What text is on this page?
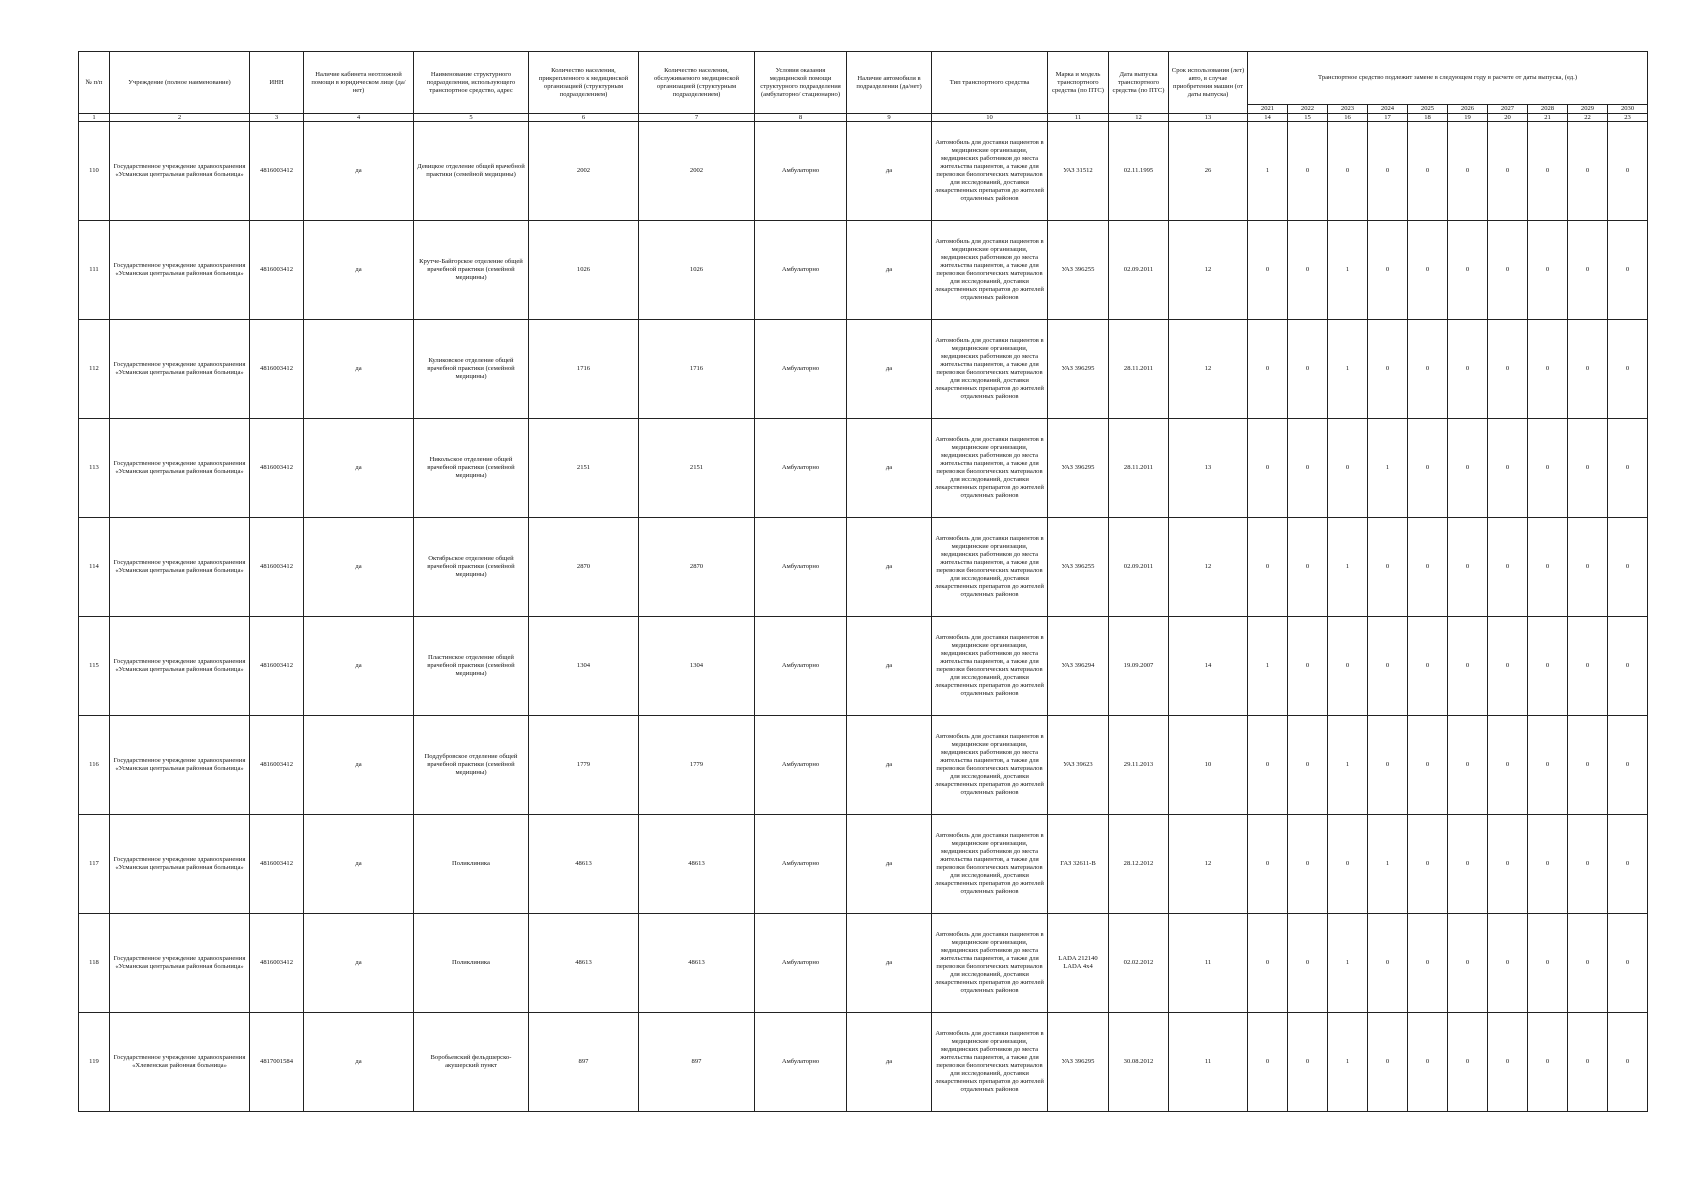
№ п/п	Учреждение (полное наименование)	ИНН	Наличие кабинета неотложной помощи в юридическом лице (да/нет)	Наименование структурного подразделения, использующего транспортное средство, адрес	Количество населения, прикрепленного к медицинской организацией (структурным подразделением)	Количество населения, обслуживаемого медицинской организацией (структурным подразделением)	Условия оказания медицинской помощи структурного подразделения (амбулаторно/ стационарно)	Наличие автомобиля в подразделении (да/нет)	Тип транспортного средства	Марка и модель транспортного средства (по ПТС)	Дата выпуска транспортного средства (по ПТС)	Срок использования (лет) авто, в случае приобретения машин (от даты выпуска)	Транспортное средство подлежит замене в следующем году в расчете от даты выпуска, (ед.)									
													2021	2022	2023	2024	2025	2026	2027	2028	2029	2030
1	2	3	4	5	6	7	8	9	10	11	12	13	14	15	16	17	18	19	20	21	22	23
110	Государственное учреждение здравоохранения «Усманская центральная районная больница»	4816003412	да	Девицкое отделение общей врачебной практики (семейной медицины)	2002	2002	Амбулаторно	да	Автомобиль для доставки пациентов в медицинские организации, медицинских работников до места жительства пациентов, а также для перевозки биологических материалов для исследований, доставки лекарственных препаратов до жителей отдаленных районов	УАЗ 31512	02.11.1995	26	1	0	0	0	0	0	0	0	0	0
111	Государственное учреждение здравоохранения «Усманская центральная районная больница»	4816003412	да	Крутче-Байгорское отделение общей врачебной практики (семейной медицины)	1026	1026	Амбулаторно	да	Автомобиль для доставки пациентов в медицинские организации, медицинских работников до места жительства пациентов, а также для перевозки биологических материалов для исследований, доставки лекарственных препаратов до жителей отдаленных районов	УАЗ 396255	02.09.2011	12	0	0	1	0	0	0	0	0	0	0
112	Государственное учреждение здравоохранения «Усманская центральная районная больница»	4816003412	да	Куликовское отделение общей врачебной практики (семейной медицины)	1716	1716	Амбулаторно	да	Автомобиль для доставки пациентов в медицинские организации, медицинских работников до места жительства пациентов, а также для перевозки биологических материалов для исследований, доставки лекарственных препаратов до жителей отдаленных районов	УАЗ 396295	28.11.2011	12	0	0	1	0	0	0	0	0	0	0
113	Государственное учреждение здравоохранения «Усманская центральная районная больница»	4816003412	да	Никольское отделение общей врачебной практики (семейной медицины)	2151	2151	Амбулаторно	да	Автомобиль для доставки пациентов в медицинские организации, медицинских работников до места жительства пациентов, а также для перевозки биологических материалов для исследований, доставки лекарственных препаратов до жителей отдаленных районов	УАЗ 396295	28.11.2011	13	0	0	0	1	0	0	0	0	0	0
114	Государственное учреждение здравоохранения «Усманская центральная районная больница»	4816003412	да	Октябрьское отделение общей врачебной практики (семейной медицины)	2870	2870	Амбулаторно	да	Автомобиль для доставки пациентов в медицинские организации, медицинских работников до места жительства пациентов, а также для перевозки биологических материалов для исследований, доставки лекарственных препаратов до жителей отдаленных районов	УАЗ 396255	02.09.2011	12	0	0	1	0	0	0	0	0	0	0
115	Государственное учреждение здравоохранения «Усманская центральная районная больница»	4816003412	да	Пластинское отделение общей врачебной практики (семейной медицины)	1304	1304	Амбулаторно	да	Автомобиль для доставки пациентов в медицинские организации, медицинских работников до места жительства пациентов, а также для перевозки биологических материалов для исследований, доставки лекарственных препаратов до жителей отдаленных районов	УАЗ 396294	19.09.2007	14	1	0	0	0	0	0	0	0	0	0
116	Государственное учреждение здравоохранения «Усманская центральная районная больница»	4816003412	да	Поддубровское отделение общей врачебной практики (семейной медицины)	1779	1779	Амбулаторно	да	Автомобиль для доставки пациентов в медицинские организации, медицинских работников до места жительства пациентов, а также для перевозки биологических материалов для исследований, доставки лекарственных препаратов до жителей отдаленных районов	УАЗ 39623	29.11.2013	10	0	0	1	0	0	0	0	0	0	0
117	Государственное учреждение здравоохранения «Усманская центральная районная больница»	4816003412	да	Поликлиника	48613	48613	Амбулаторно	да	Автомобиль для доставки пациентов в медицинские организации, медицинских работников до места жительства пациентов, а также для перевозки биологических материалов для исследований, доставки лекарственных препаратов до жителей отдаленных районов	ГАЗ 32611-В	28.12.2012	12	0	0	0	1	0	0	0	0	0	0
118	Государственное учреждение здравоохранения «Усманская центральная районная больница»	4816003412	да	Поликлиника	48613	48613	Амбулаторно	да	Автомобиль для доставки пациентов в медицинские организации, медицинских работников до места жительства пациентов, а также для перевозки биологических материалов для исследований, доставки лекарственных препаратов до жителей отдаленных районов	LADA 212140 LADA 4x4	02.02.2012	11	0	0	1	0	0	0	0	0	0	0
119	Государственное учреждение здравоохранения «Хлевенская районная больница»	4817001584	да	Воробьевский фельдшерско-акушерский пункт	897	897	Амбулаторно	да	Автомобиль для доставки пациентов в медицинские организации, медицинских работников до места жительства пациентов, а также для перевозки биологических материалов для исследований, доставки лекарственных препаратов до жителей отдаленных районов	УАЗ 396295	30.08.2012	11	0	0	1	0	0	0	0	0	0	0
